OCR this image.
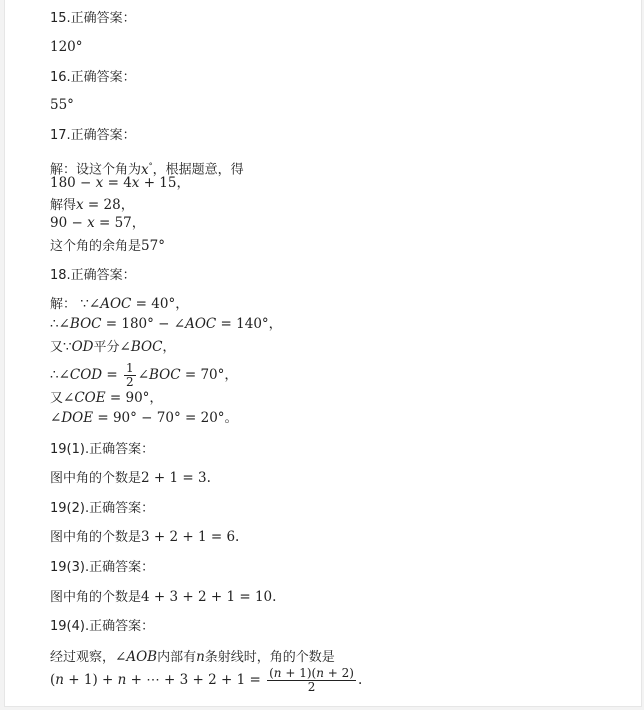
15.正确答案：
120°
16.正确答案：
55°
17.正确答案：
解：设这个角为x°，根据题意，得
180 − x = 4x + 15，
解得x = 28，
90 − x = 57，
这个角的余角是57°
18.正确答案：
解： ∵∠AOC = 40°，
∴∠BOC = 180° − ∠AOC = 140°，
又∵OD平分∠BOC，
∴∠COD = $\frac{1}{2}$ ∠BOC = 70°，
又∠COE = 90°，
∠DOE = 90° − 70° = 20°。
19(1).正确答案：
图中角的个数是2 + 1 = 3.
19(2).正确答案：
图中角的个数是3 + 2 + 1 = 6.
19(3).正确答案：
图中角的个数是4 + 3 + 2 + 1 = 10.
19(4).正确答案：
经过观察，∠AOB内部有n条射线时，角的个数是
(n + 1) + n + ⋯ + $3 + 2 + 1 = \frac{(n + 1)(n + 2)}{2}$ .
